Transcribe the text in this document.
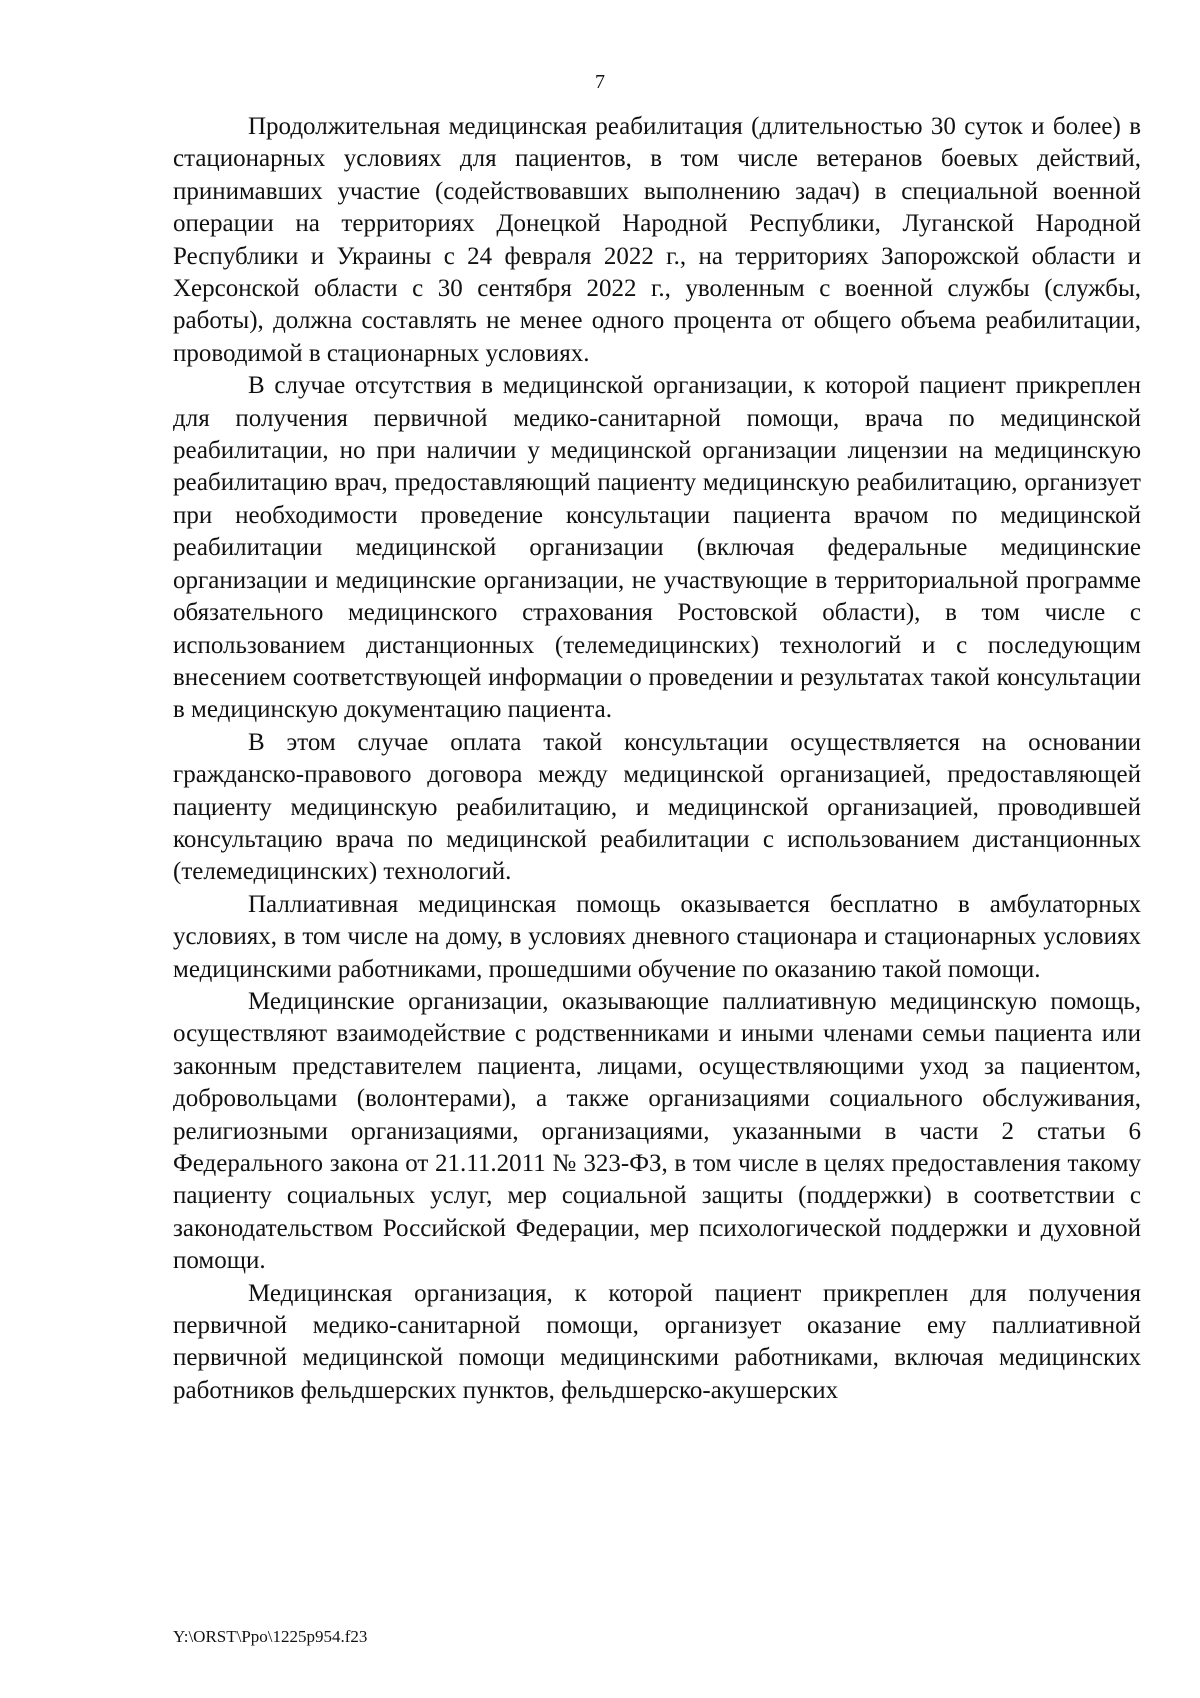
7

Продолжительная медицинская реабилитация (длительностью 30 суток и более) в стационарных условиях для пациентов, в том числе ветеранов боевых действий, принимавших участие (содействовавших выполнению задач) в специальной военной операции на территориях Донецкой Народной Республики, Луганской Народной Республики и Украины с 24 февраля 2022 г., на территориях Запорожской области и Херсонской области с 30 сентября 2022 г., уволенным с военной службы (службы, работы), должна составлять не менее одного процента от общего объема реабилитации, проводимой в стационарных условиях.

В случае отсутствия в медицинской организации, к которой пациент прикреплен для получения первичной медико-санитарной помощи, врача по медицинской реабилитации, но при наличии у медицинской организации лицензии на медицинскую реабилитацию врач, предоставляющий пациенту медицинскую реабилитацию, организует при необходимости проведение консультации пациента врачом по медицинской реабилитации медицинской организации (включая федеральные медицинские организации и медицинские организации, не участвующие в территориальной программе обязательного медицинского страхования Ростовской области), в том числе с использованием дистанционных (телемедицинских) технологий и с последующим внесением соответствующей информации о проведении и результатах такой консультации в медицинскую документацию пациента.

В этом случае оплата такой консультации осуществляется на основании гражданско-правового договора между медицинской организацией, предоставляющей пациенту медицинскую реабилитацию, и медицинской организацией, проводившей консультацию врача по медицинской реабилитации с использованием дистанционных (телемедицинских) технологий.

Паллиативная медицинская помощь оказывается бесплатно в амбулаторных условиях, в том числе на дому, в условиях дневного стационара и стационарных условиях медицинскими работниками, прошедшими обучение по оказанию такой помощи.

Медицинские организации, оказывающие паллиативную медицинскую помощь, осуществляют взаимодействие с родственниками и иными членами семьи пациента или законным представителем пациента, лицами, осуществляющими уход за пациентом, добровольцами (волонтерами), а также организациями социального обслуживания, религиозными организациями, организациями, указанными в части 2 статьи 6 Федерального закона от 21.11.2011 № 323-ФЗ, в том числе в целях предоставления такому пациенту социальных услуг, мер социальной защиты (поддержки) в соответствии с законодательством Российской Федерации, мер психологической поддержки и духовной помощи.

Медицинская организация, к которой пациент прикреплен для получения первичной медико-санитарной помощи, организует оказание ему паллиативной первичной медицинской помощи медицинскими работниками, включая медицинских работников фельдшерских пунктов, фельдшерско-акушерских

Y:\ORST\Ppo\1225p954.f23
